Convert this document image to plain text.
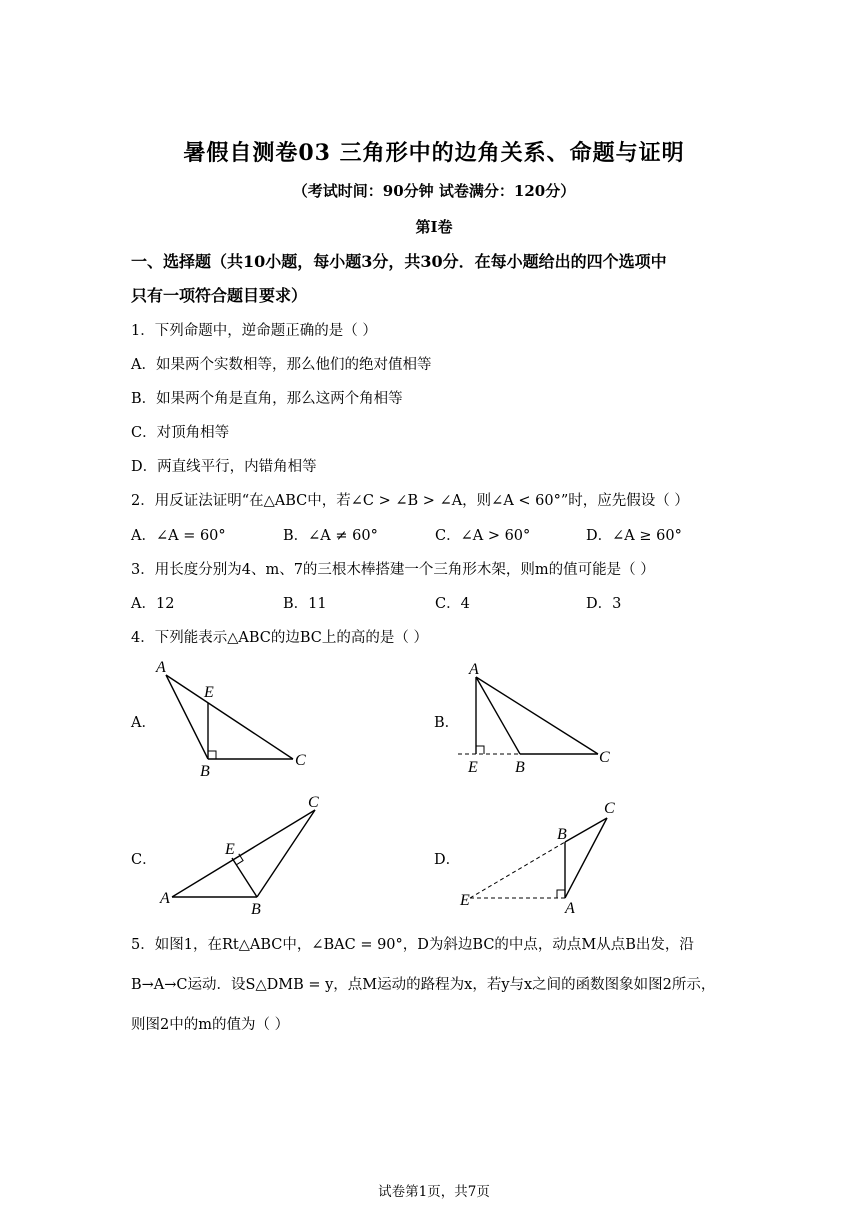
暑假自测卷03 三角形中的边角关系、命题与证明
（考试时间：90分钟 试卷满分：120分）
第I卷
一、选择题（共10小题，每小题3分，共30分．在每小题给出的四个选项中
只有一项符合题目要求）
1．下列命题中，逆命题正确的是（ ）
A．如果两个实数相等，那么他们的绝对值相等
B．如果两个角是直角，那么这两个角相等
C．对顶角相等
D．两直线平行，内错角相等
2．用反证法证明“在△ABC中，若∠C > ∠B > ∠A，则∠A < 60°”时，应先假设（ ）
A．∠A = 60°	B．∠A ≠ 60°	C．∠A > 60°	D．∠A ≥ 60°
3．用长度分别为4、m、7的三根木棒搭建一个三角形木架，则m的值可能是（ ）
A．12	B．11	C．4	D．3
4．下列能表示△ABC的边BC上的高的是（ ）
A．	B．
C．	D．
A
E
B
C
A
E B
C
A
E
B
C
E
B
A
C
5．如图1，在Rt△ABC中，∠BAC = 90°，D为斜边BC的中点，动点M从点B出发，沿
B→A→C运动．设S△DMB = y，点M运动的路程为x，若y与x之间的函数图象如图2所示，
则图2中的m的值为（ ）
试卷第1页，共7页
